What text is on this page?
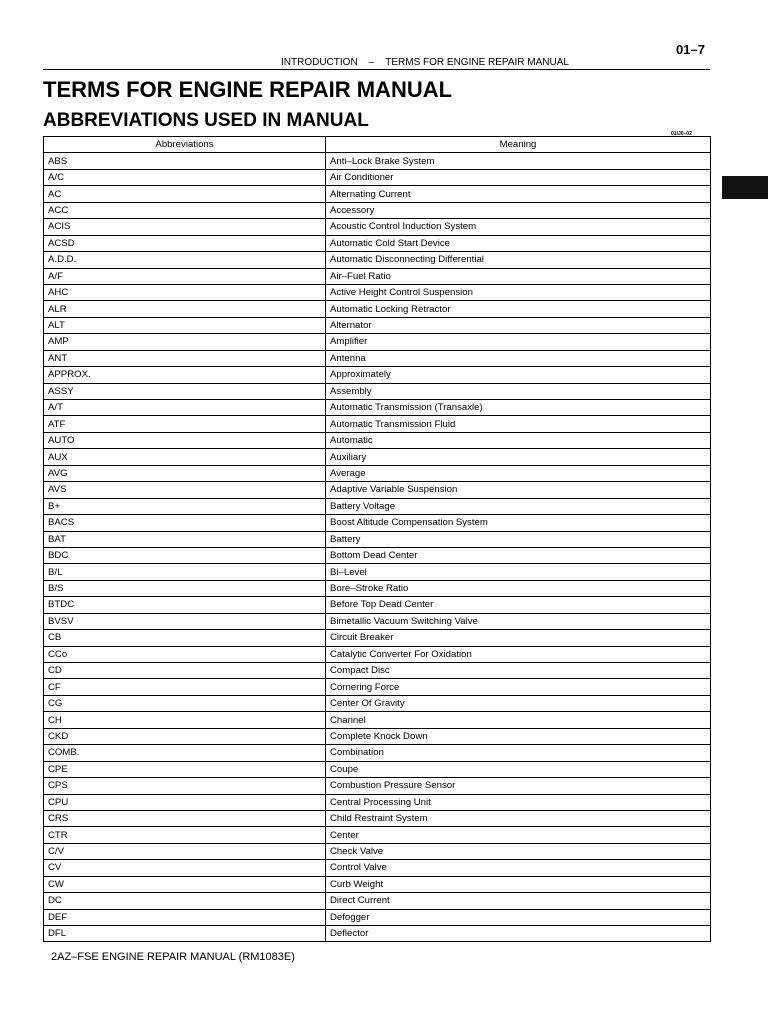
01–7
INTRODUCTION – TERMS FOR ENGINE REPAIR MANUAL
TERMS FOR ENGINE REPAIR MANUAL
ABBREVIATIONS USED IN MANUAL
01IJ0–02
Abbreviations	Meaning
ABS	Anti–Lock Brake System
A/C	Air Conditioner
AC	Alternating Current
ACC	Accessory
ACIS	Acoustic Control Induction System
ACSD	Automatic Cold Start Device
A.D.D.	Automatic Disconnecting Differential
A/F	Air–Fuel Ratio
AHC	Active Height Control Suspension
ALR	Automatic Locking Retractor
ALT	Alternator
AMP	Amplifier
ANT	Antenna
APPROX.	Approximately
ASSY	Assembly
A/T	Automatic Transmission (Transaxle)
ATF	Automatic Transmission Fluid
AUTO	Automatic
AUX	Auxiliary
AVG	Average
AVS	Adaptive Variable Suspension
B+	Battery Voltage
BACS	Boost Altitude Compensation System
BAT	Battery
BDC	Bottom Dead Center
B/L	Bi–Level
B/S	Bore–Stroke Ratio
BTDC	Before Top Dead Center
BVSV	Bimetallic Vacuum Switching Valve
CB	Circuit Breaker
CCo	Catalytic Converter For Oxidation
CD	Compact Disc
CF	Cornering Force
CG	Center Of Gravity
CH	Channel
CKD	Complete Knock Down
COMB.	Combination
CPE	Coupe
CPS	Combustion Pressure Sensor
CPU	Central Processing Unit
CRS	Child Restraint System
CTR	Center
C/V	Check Valve
CV	Control Valve
CW	Curb Weight
DC	Direct Current
DEF	Defogger
DFL	Deflector
2AZ–FSE ENGINE REPAIR MANUAL (RM1083E)
